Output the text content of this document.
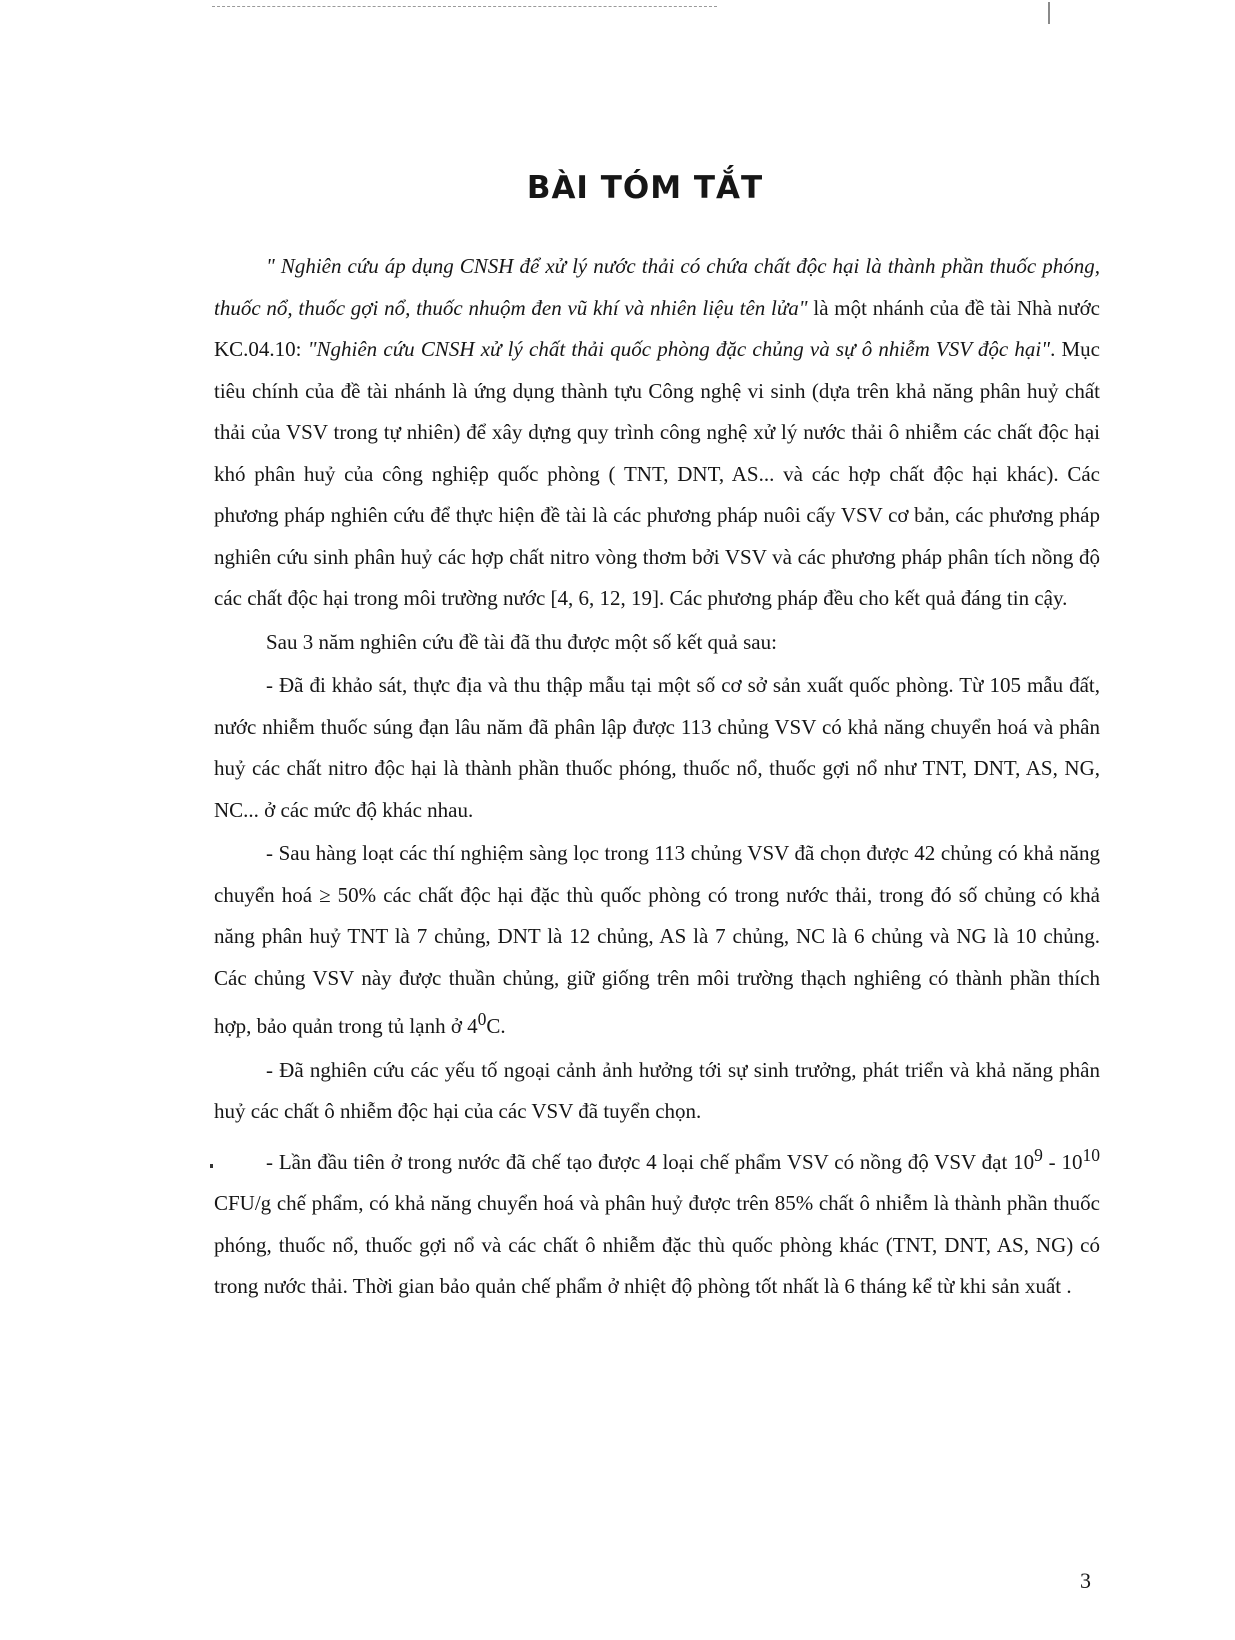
BÀI TÓM TẮT

" Nghiên cứu áp dụng CNSH để xử lý nước thải có chứa chất độc hại là thành phần thuốc phóng, thuốc nổ, thuốc gợi nổ, thuốc nhuộm đen vũ khí và nhiên liệu tên lửa" là một nhánh của đề tài Nhà nước KC.04.10: "Nghiên cứu CNSH xử lý chất thải quốc phòng đặc chủng và sự ô nhiễm VSV độc hại". Mục tiêu chính của đề tài nhánh là ứng dụng thành tựu Công nghệ vi sinh (dựa trên khả năng phân huỷ chất thải của VSV trong tự nhiên) để xây dựng quy trình công nghệ xử lý nước thải ô nhiễm các chất độc hại khó phân huỷ của công nghiệp quốc phòng ( TNT, DNT, AS... và các hợp chất độc hại khác). Các phương pháp nghiên cứu để thực hiện đề tài là các phương pháp nuôi cấy VSV cơ bản, các phương pháp nghiên cứu sinh phân huỷ các hợp chất nitro vòng thơm bởi VSV và các phương pháp phân tích nồng độ các chất độc hại trong môi trường nước [4, 6, 12, 19]. Các phương pháp đều cho kết quả đáng tin cậy.

Sau 3 năm nghiên cứu đề tài đã thu được một số kết quả sau:

- Đã đi khảo sát, thực địa và thu thập mẫu tại một số cơ sở sản xuất quốc phòng. Từ 105 mẫu đất, nước nhiễm thuốc súng đạn lâu năm đã phân lập được 113 chủng VSV có khả năng chuyển hoá và phân huỷ các chất nitro độc hại là thành phần thuốc phóng, thuốc nổ, thuốc gợi nổ như TNT, DNT, AS, NG, NC... ở các mức độ khác nhau.

- Sau hàng loạt các thí nghiệm sàng lọc trong 113 chủng VSV đã chọn được 42 chủng có khả năng chuyển hoá ≥ 50% các chất độc hại đặc thù quốc phòng có trong nước thải, trong đó số chủng có khả năng phân huỷ TNT là 7 chủng, DNT là 12 chủng, AS là 7 chủng, NC là 6 chủng và NG là 10 chủng. Các chủng VSV này được thuần chủng, giữ giống trên môi trường thạch nghiêng có thành phần thích hợp, bảo quản trong tủ lạnh ở $4^0C$.

- Đã nghiên cứu các yếu tố ngoại cảnh ảnh hưởng tới sự sinh trưởng, phát triển và khả năng phân huỷ các chất ô nhiễm độc hại của các VSV đã tuyển chọn.

- Lần đầu tiên ở trong nước đã chế tạo được 4 loại chế phẩm VSV có nồng độ VSV đạt $10^9 - 10^{10}$ CFU/g chế phẩm, có khả năng chuyển hoá và phân huỷ được trên 85% chất ô nhiễm là thành phần thuốc phóng, thuốc nổ, thuốc gợi nổ và các chất ô nhiễm đặc thù quốc phòng khác (TNT, DNT, AS, NG) có trong nước thải. Thời gian bảo quản chế phẩm ở nhiệt độ phòng tốt nhất là 6 tháng kể từ khi sản xuất .

3
